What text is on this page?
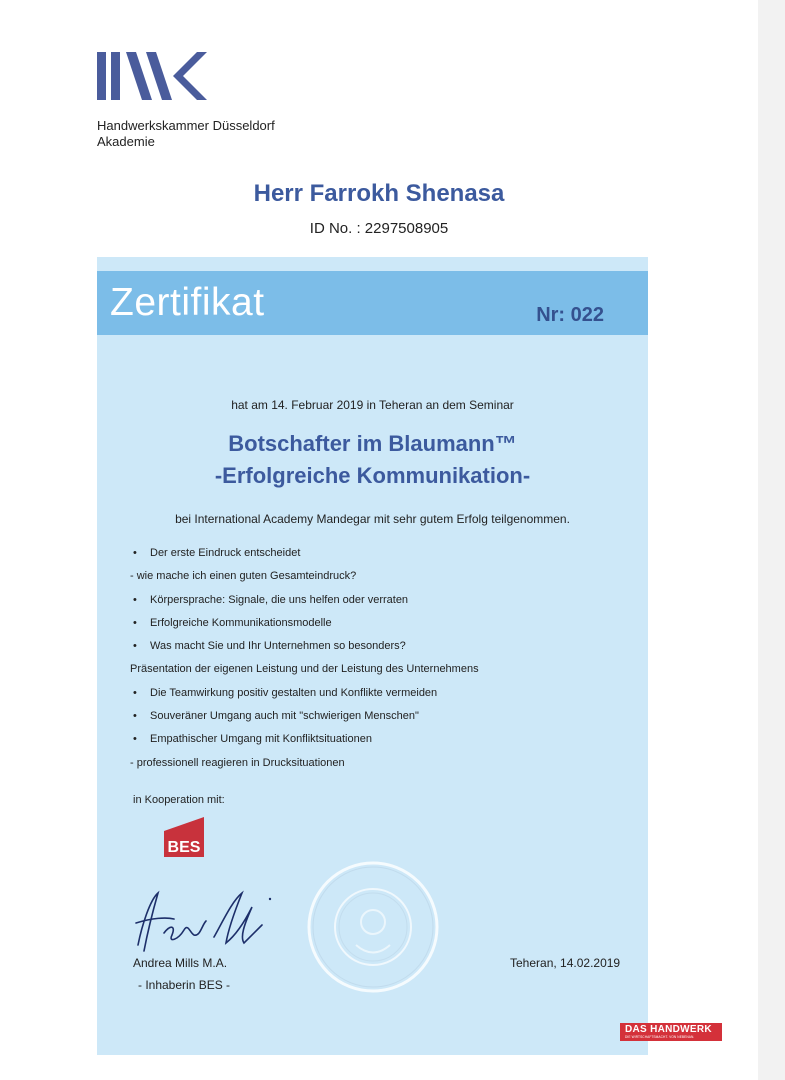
Handwerkskammer Düsseldorf
Akademie
Herr Farrokh Shenasa
ID No. : 2297508905
Zertifikat	Nr: 022
hat am 14. Februar 2019 in Teheran an dem Seminar
Botschafter im Blaumann™
-Erfolgreiche Kommunikation-
bei International Academy Mandegar mit sehr gutem Erfolg teilgenommen.
• Der erste Eindruck entscheidet
- wie mache ich einen guten Gesamteindruck?
• Körpersprache: Signale, die uns helfen oder verraten
• Erfolgreiche Kommunikationsmodelle
• Was macht Sie und Ihr Unternehmen so besonders?
Präsentation der eigenen Leistung und der Leistung des Unternehmens
• Die Teamwirkung positiv gestalten und Konflikte vermeiden
• Souveräner Umgang auch mit "schwierigen Menschen"
• Empathischer Umgang mit Konfliktsituationen
- professionell reagieren in Drucksituationen
in Kooperation mit:
BES
Andrea Mills M.A.
- Inhaberin BES -
Teheran, 14.02.2019
DAS HANDWERK
DIE WIRTSCHAFTSMACHT. VON NEBENAN.
